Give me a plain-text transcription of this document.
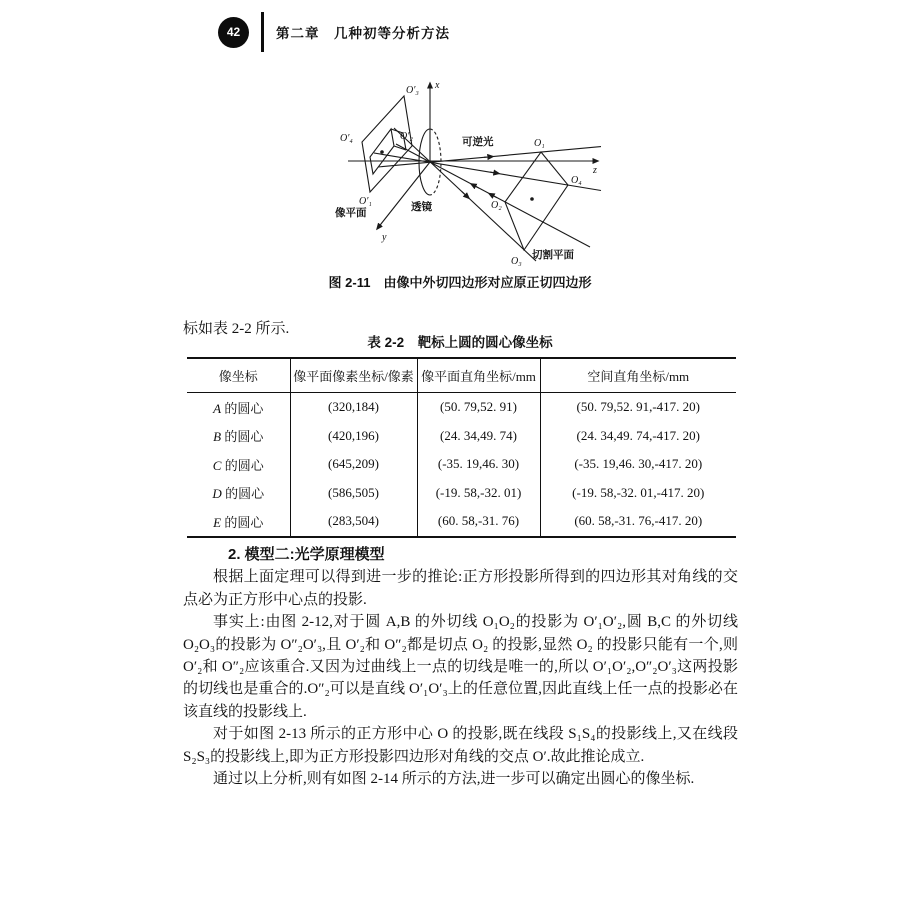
42	第二章　几种初等分析方法
x
y
z
O′₃
O′₄	O′₂
O′₁
O₁
O₄
O₂
O₃
透镜
像平面
切割平面
可逆光
图 2-11　由像中外切四边形对应原正切四边形

标如表 2-2 所示.

表 2-2　靶标上圆的圆心像坐标
像坐标	像平面像素坐标/像素	像平面直角坐标/mm	空间直角坐标/mm
A 的圆心	(320,184)	(50. 79,52. 91)	(50. 79,52. 91,-417. 20)
B 的圆心	(420,196)	(24. 34,49. 74)	(24. 34,49. 74,-417. 20)
C 的圆心	(645,209)	(-35. 19,46. 30)	(-35. 19,46. 30,-417. 20)
D 的圆心	(586,505)	(-19. 58,-32. 01)	(-19. 58,-32. 01,-417. 20)
E 的圆心	(283,504)	(60. 58,-31. 76)	(60. 58,-31. 76,-417. 20)
2. 模型二:光学原理模型

根据上面定理可以得到进一步的推论:正方形投影所得到的四边形其对角线的交点必为正方形中心点的投影.

事实上:由图 2-12,对于圆 A,B 的外切线 O₁O₂的投影为 O′₁O′₂,圆 B,C 的外切线 O₂O₃的投影为 O″₂O′₃,且 O′₂和 O″₂都是切点 O₂ 的投影,显然 O₂ 的投影只能有一个,则 O′₂和 O″₂应该重合.又因为过曲线上一点的切线是唯一的,所以 O′₁O′₂,O″₂O′₃这两投影的切线也是重合的.O″₂可以是直线 O′₁O′₃上的任意位置,因此直线上任一点的投影必在该直线的投影线上.

对于如图 2-13 所示的正方形中心 O 的投影,既在线段 S₁S₄的投影线上,又在线段 S₂S₃的投影线上,即为正方形投影四边形对角线的交点 O′.故此推论成立.

通过以上分析,则有如图 2-14 所示的方法,进一步可以确定出圆心的像坐标.
